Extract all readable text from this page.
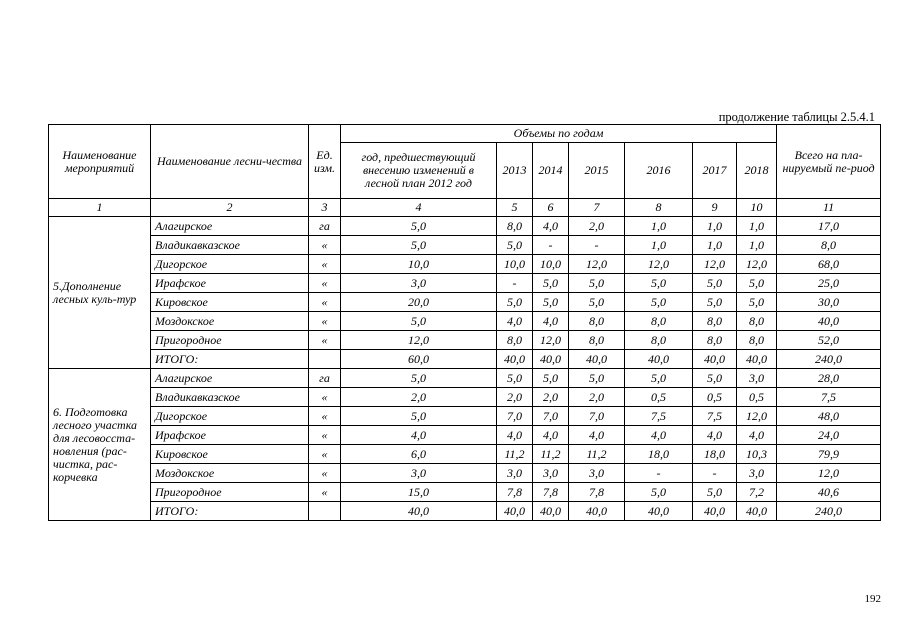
продолжение таблицы 2.5.4.1
Наименование мероприятий	Наименование лесни-чества	Ед. изм.	Объемы по годам							Всего на пла-нируемый пе-риод
			год, предшествующий внесению изменений в лесной план 2012 год	2013	2014	2015	2016	2017	2018	
1	2	3	4	5	6	7	8	9	10	11
5.Дополнение лесных куль-тур	Алагирское	га	5,0	8,0	4,0	2,0	1,0	1,0	1,0	17,0
	Владикавказское	«	5,0	5,0	-	-	1,0	1,0	1,0	8,0
	Дигорское	«	10,0	10,0	10,0	12,0	12,0	12,0	12,0	68,0
	Ирафское	«	3,0	-	5,0	5,0	5,0	5,0	5,0	25,0
	Кировское	«	20,0	5,0	5,0	5,0	5,0	5,0	5,0	30,0
	Моздокское	«	5,0	4,0	4,0	8,0	8,0	8,0	8,0	40,0
	Пригородное	«	12,0	8,0	12,0	8,0	8,0	8,0	8,0	52,0
	ИТОГО:		60,0	40,0	40,0	40,0	40,0	40,0	40,0	240,0
6. Подготовка лесного участка для лесовосста-новления (рас-чистка, рас-корчевка	Алагирское	га	5,0	5,0	5,0	5,0	5,0	5,0	3,0	28,0
	Владикавказское	«	2,0	2,0	2,0	2,0	0,5	0,5	0,5	7,5
	Дигорское	«	5,0	7,0	7,0	7,0	7,5	7,5	12,0	48,0
	Ирафское	«	4,0	4,0	4,0	4,0	4,0	4,0	4,0	24,0
	Кировское	«	6,0	11,2	11,2	11,2	18,0	18,0	10,3	79,9
	Моздокское	«	3,0	3,0	3,0	3,0	-	-	3,0	12,0
	Пригородное	«	15,0	7,8	7,8	7,8	5,0	5,0	7,2	40,6
	ИТОГО:		40,0	40,0	40,0	40,0	40,0	40,0	40,0	240,0
192
